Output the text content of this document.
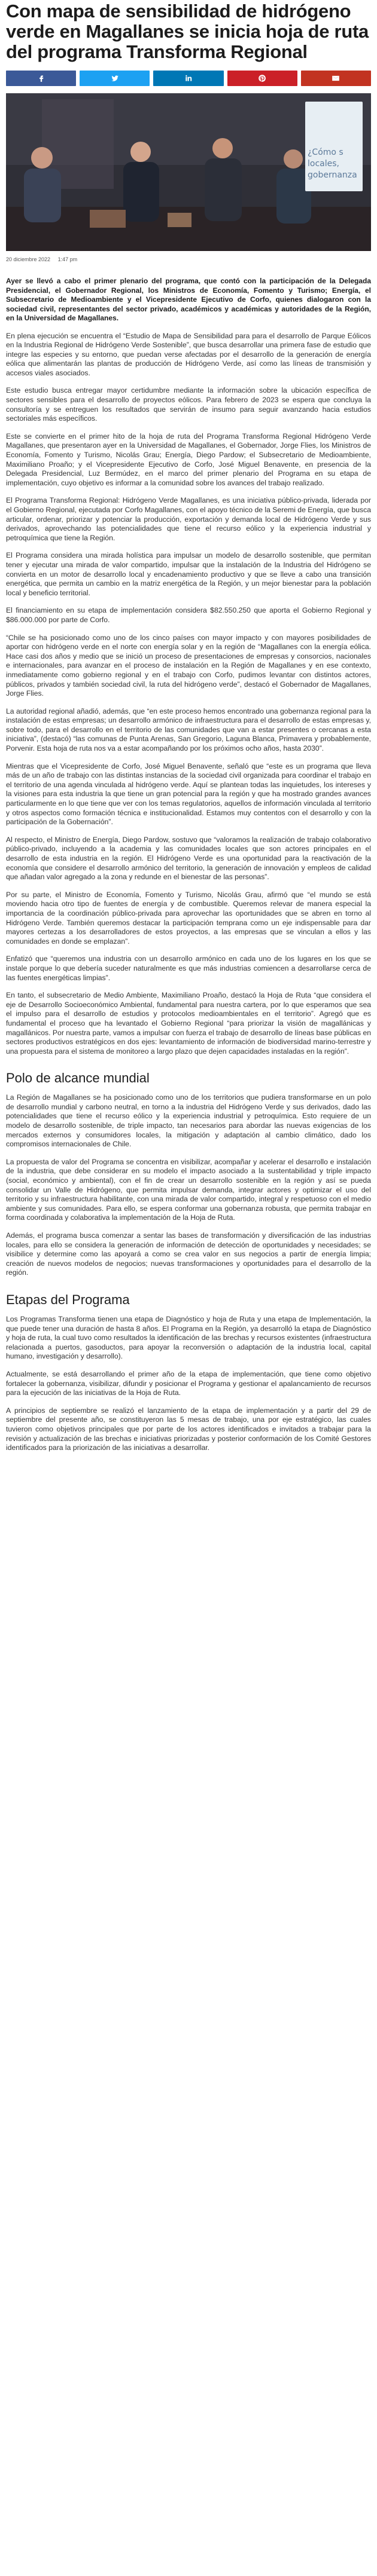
Con mapa de sensibilidad de hidrógeno verde en Magallanes se inicia hoja de ruta del programa Transforma Regional
¿Cómo s locales, gobernanza
20 diciembre 2022 1:47 pm

Ayer se llevó a cabo el primer plenario del programa, que contó con la participación de la Delegada Presidencial, el Gobernador Regional, los Ministros de Economía, Fomento y Turismo; Energía, el Subsecretario de Medioambiente y el Vicepresidente Ejecutivo de Corfo, quienes dialogaron con la sociedad civil, representantes del sector privado, académicos y académicas y autoridades de la Región, en la Universidad de Magallanes.

En plena ejecución se encuentra el “Estudio de Mapa de Sensibilidad para para el desarrollo de Parque Eólicos en la Industria Regional de Hidrógeno Verde Sostenible”, que busca desarrollar una primera fase de estudio que integre las especies y su entorno, que puedan verse afectadas por el desarrollo de la generación de energía eólica que alimentarán las plantas de producción de Hidrógeno Verde, así como las líneas de transmisión y accesos viales asociados.

Este estudio busca entregar mayor certidumbre mediante la información sobre la ubicación específica de sectores sensibles para el desarrollo de proyectos eólicos. Para febrero de 2023 se espera que concluya la consultoría y se entreguen los resultados que servirán de insumo para seguir avanzando hacia estudios sectoriales más específicos.

Este se convierte en el primer hito de la hoja de ruta del Programa Transforma Regional Hidrógeno Verde Magallanes, que presentaron ayer en la Universidad de Magallanes, el Gobernador, Jorge Flies, los Ministros de Economía, Fomento y Turismo, Nicolás Grau; Energía, Diego Pardow; el Subsecretario de Medioambiente, Maximiliano Proaño; y el Vicepresidente Ejecutivo de Corfo, José Miguel Benavente, en presencia de la Delegada Presidencial, Luz Bermúdez, en el marco del primer plenario del Programa en su etapa de implementación, cuyo objetivo es informar a la comunidad sobre los avances del trabajo realizado.

El Programa Transforma Regional: Hidrógeno Verde Magallanes, es una iniciativa público-privada, liderada por el Gobierno Regional, ejecutada por Corfo Magallanes, con el apoyo técnico de la Seremi de Energía, que busca articular, ordenar, priorizar y potenciar la producción, exportación y demanda local de Hidrógeno Verde y sus derivados, aprovechando las potencialidades que tiene el recurso eólico y la experiencia industrial y petroquímica que tiene la Región.

El Programa considera una mirada holística para impulsar un modelo de desarrollo sostenible, que permitan tener y ejecutar una mirada de valor compartido, impulsar que la instalación de la Industria del Hidrógeno se convierta en un motor de desarrollo local y encadenamiento productivo y que se lleve a cabo una transición energética, que permita un cambio en la matriz energética de la Región, y un mejor bienestar para la población local y beneficio territorial.

El financiamiento en su etapa de implementación considera $82.550.250 que aporta el Gobierno Regional y $86.000.000 por parte de Corfo.

“Chile se ha posicionado como uno de los cinco países con mayor impacto y con mayores posibilidades de aportar con hidrógeno verde en el norte con energía solar y en la región de “Magallanes con la energía eólica. Hace casi dos años y medio que se inició un proceso de presentaciones de empresas y consorcios, nacionales e internacionales, para avanzar en el proceso de instalación en la Región de Magallanes y en ese contexto, inmediatamente como gobierno regional y en el trabajo con Corfo, pudimos levantar con distintos actores, públicos, privados y también sociedad civil, la ruta del hidrógeno verde”, destacó el Gobernador de Magallanes, Jorge Flies.

La autoridad regional añadió, además, que “en este proceso hemos encontrado una gobernanza regional para la instalación de estas empresas; un desarrollo armónico de infraestructura para el desarrollo de estas empresas y, sobre todo, para el desarrollo en el territorio de las comunidades que van a estar presentes o cercanas a esta iniciativa”, (destacó) “las comunas de Punta Arenas, San Gregorio, Laguna Blanca, Primavera y probablemente, Porvenir. Esta hoja de ruta nos va a estar acompañando por los próximos ocho años, hasta 2030”.

Mientras que el Vicepresidente de Corfo, José Miguel Benavente, señaló que “este es un programa que lleva más de un año de trabajo con las distintas instancias de la sociedad civil organizada para coordinar el trabajo en el territorio de una agenda vinculada al hidrógeno verde. Aquí se plantean todas las inquietudes, los intereses y la visiones para esta industria la que tiene un gran potencial para la región y que ha mostrado grandes avances particularmente en lo que tiene que ver con los temas regulatorios, aquellos de información vinculada al territorio y otros aspectos como formación técnica e institucionalidad. Estamos muy contentos con el desarrollo y con la participación de la Gobernación”.

Al respecto, el Ministro de Energía, Diego Pardow, sostuvo que “valoramos la realización de trabajo colaborativo público-privado, incluyendo a la academia y las comunidades locales que son actores principales en el desarrollo de esta industria en la región. El Hidrógeno Verde es una oportunidad para la reactivación de la economía que considere el desarrollo armónico del territorio, la generación de innovación y empleos de calidad que añadan valor agregado a la zona y redunde en el bienestar de las personas”.

Por su parte, el Ministro de Economía, Fomento y Turismo, Nicolás Grau, afirmó que “el mundo se está moviendo hacia otro tipo de fuentes de energía y de combustible. Queremos relevar de manera especial la importancia de la coordinación público-privada para aprovechar las oportunidades que se abren en torno al Hidrógeno Verde. También queremos destacar la participación temprana como un eje indispensable para dar mayores certezas a los desarrolladores de estos proyectos, a las empresas que se vinculan a ellos y las comunidades en donde se emplazan”.

Enfatizó que “queremos una industria con un desarrollo armónico en cada uno de los lugares en los que se instale porque lo que debería suceder naturalmente es que más industrias comiencen a desarrollarse cerca de las fuentes energéticas limpias”.

En tanto, el subsecretario de Medio Ambiente, Maximiliano Proaño, destacó la Hoja de Ruta “que considera el eje de Desarrollo Socioeconómico Ambiental, fundamental para nuestra cartera, por lo que esperamos que sea el impulso para el desarrollo de estudios y protocolos medioambientales en el territorio”. Agregó que es fundamental el proceso que ha levantado el Gobierno Regional “para priorizar la visión de magallánicas y magallánicos. Por nuestra parte, vamos a impulsar con fuerza el trabajo de desarrollo de líneas base públicas en sectores productivos estratégicos en dos ejes: levantamiento de información de biodiversidad marino-terrestre y una propuesta para el sistema de monitoreo a largo plazo que dejen capacidades instaladas en la región”.

Polo de alcance mundial

La Región de Magallanes se ha posicionado como uno de los territorios que pudiera transformarse en un polo de desarrollo mundial y carbono neutral, en torno a la industria del Hidrógeno Verde y sus derivados, dado las potencialidades que tiene el recurso eólico y la experiencia industrial y petroquímica. Esto requiere de un modelo de desarrollo sostenible, de triple impacto, tan necesarios para abordar las nuevas exigencias de los mercados externos y consumidores locales, la mitigación y adaptación al cambio climático, dado los compromisos internacionales de Chile.

La propuesta de valor del Programa se concentra en visibilizar, acompañar y acelerar el desarrollo e instalación de la industria, que debe considerar en su modelo el impacto asociado a la sustentabilidad y triple impacto (social, económico y ambiental), con el fin de crear un desarrollo sostenible en la región y así se pueda consolidar un Valle de Hidrógeno, que permita impulsar demanda, integrar actores y optimizar el uso del territorio y su infraestructura habilitante, con una mirada de valor compartido, integral y respetuoso con el medio ambiente y sus comunidades. Para ello, se espera conformar una gobernanza robusta, que permita trabajar en forma coordinada y colaborativa la implementación de la Hoja de Ruta.

Además, el programa busca comenzar a sentar las bases de transformación y diversificación de las industrias locales, para ello se considera la generación de información de detección de oportunidades y necesidades; se visibilice y determine como las apoyará a como se crea valor en sus negocios a partir de energía limpia; creación de nuevos modelos de negocios; nuevas transformaciones y oportunidades para el desarrollo de la región.

Etapas del Programa

Los Programas Transforma tienen una etapa de Diagnóstico y hoja de Ruta y una etapa de Implementación, la que puede tener una duración de hasta 8 años. El Programa en la Región, ya desarrolló la etapa de Diagnóstico y hoja de ruta, la cual tuvo como resultados la identificación de las brechas y recursos existentes (infraestructura relacionada a puertos, gasoductos, para apoyar la reconversión o adaptación de la industria local, capital humano, investigación y desarrollo).

Actualmente, se está desarrollando el primer año de la etapa de implementación, que tiene como objetivo fortalecer la gobernanza, visibilizar, difundir y posicionar el Programa y gestionar el apalancamiento de recursos para la ejecución de las iniciativas de la Hoja de Ruta.

A principios de septiembre se realizó el lanzamiento de la etapa de implementación y a partir del 29 de septiembre del presente año, se constituyeron las 5 mesas de trabajo, una por eje estratégico, las cuales tuvieron como objetivos principales que por parte de los actores identificados e invitados a trabajar para la revisión y actualización de las brechas e iniciativas priorizadas y posterior conformación de los Comité Gestores identificados para la priorización de las iniciativas a desarrollar.
